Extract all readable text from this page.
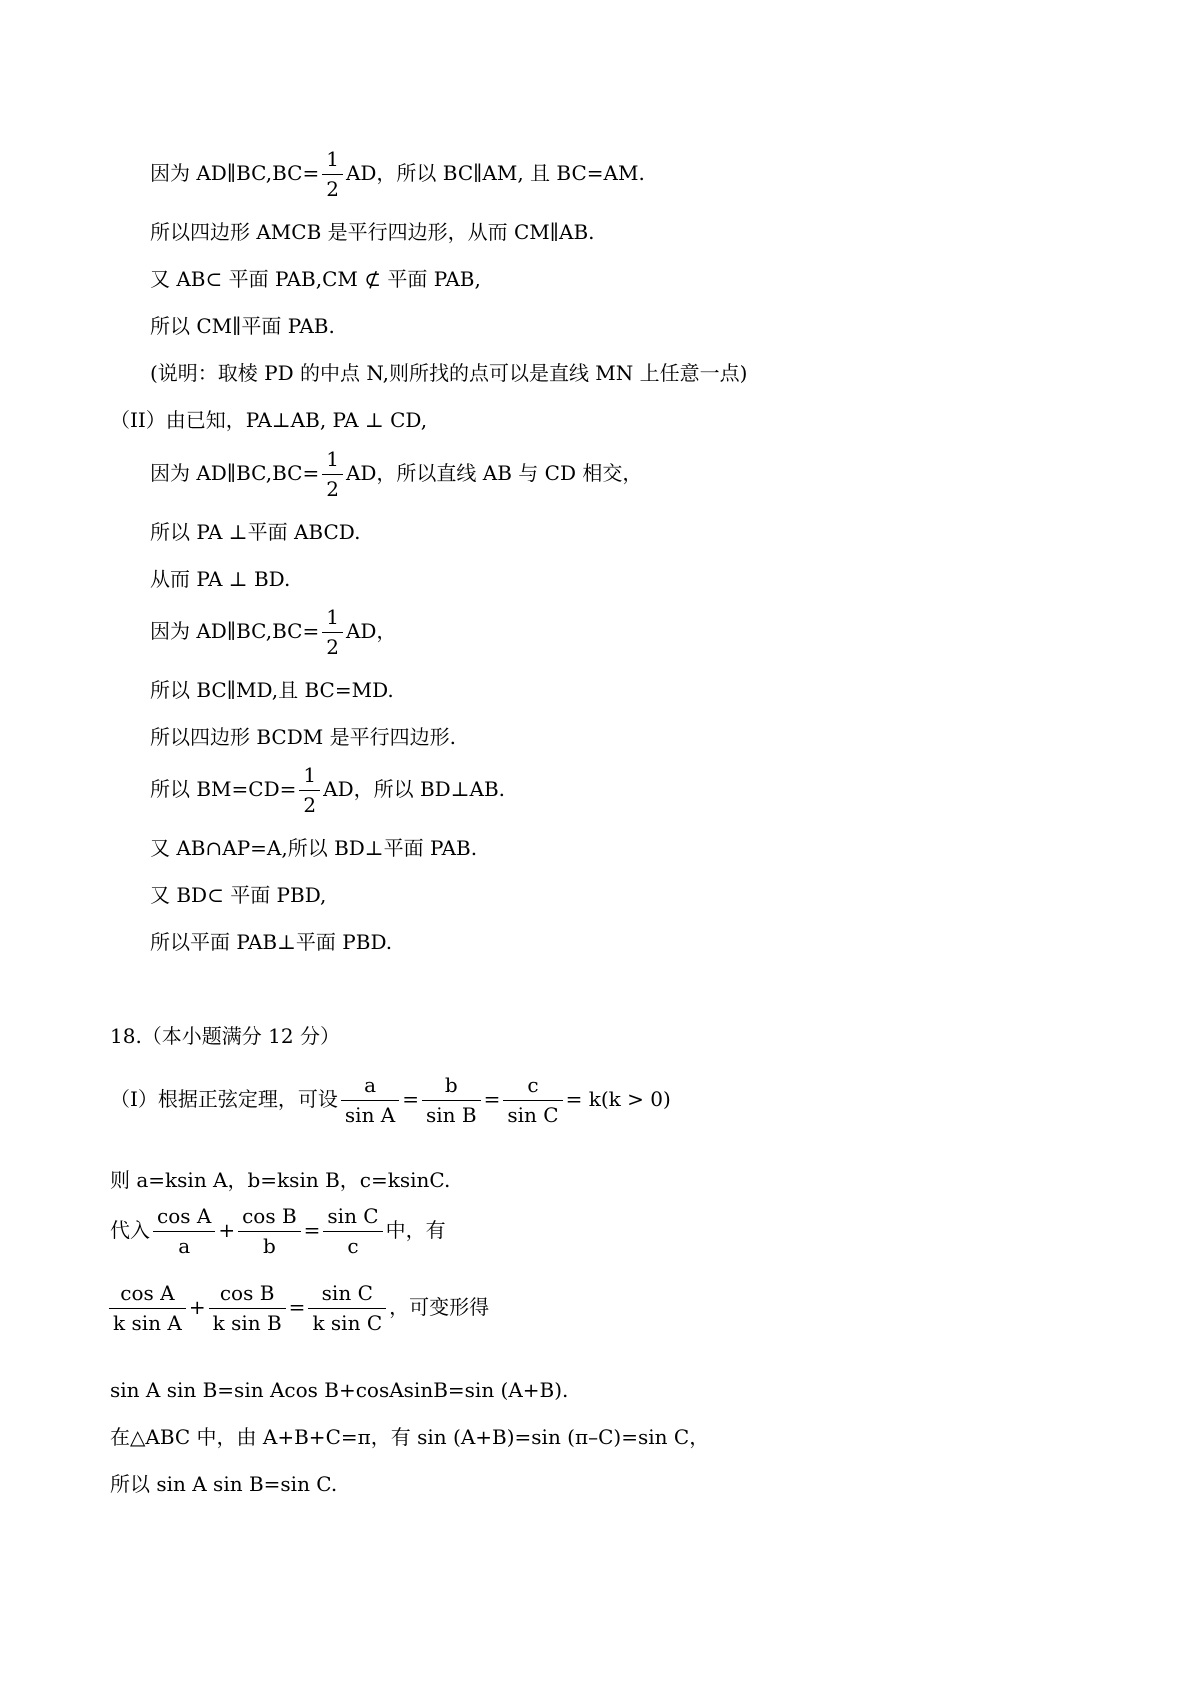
因为 AD∥BC,BC= $\frac{1}{2}$ AD，所以 BC∥AM, 且 BC=AM.
所以四边形 AMCB 是平行四边形，从而 CM∥AB.
又 AB⊂ 平面 PAB,CM ⊄ 平面 PAB,
所以 CM∥平面 PAB.
(说明：取棱 PD 的中点 N,则所找的点可以是直线 MN 上任意一点)
（II）由已知，PA⊥AB, PA ⊥ CD,
因为 AD∥BC,BC= $\frac{1}{2}$ AD，所以直线 AB 与 CD 相交，
所以 PA ⊥平面 ABCD.
从而 PA ⊥ BD.
因为 AD∥BC,BC= $\frac{1}{2}$ AD，
所以 BC∥MD,且 BC=MD.
所以四边形 BCDM 是平行四边形.
所以 $BM=CD= \frac{1}{2}$ AD，所以 BD⊥AB.
又 AB∩AP=A,所以 BD⊥平面 PAB.
又 BD⊂ 平面 PBD,
所以平面 PAB⊥平面 PBD.
18.（本小题满分 12 分）
（Ⅰ）根据正弦定理，可设 $\frac{a}{\text{sin A}} = \frac{b}{\text{sin B}} = \frac{c}{\text{sin C}} = k(k > 0)$
则 a=ksin A，b=ksin B，c=ksinC.
代入 $\frac{\text{cos A}}{a} + \frac{\text{cos B}}{b} = \frac{\text{sin C}}{c}$ 中，有
$\frac{\text{cos A}}{\text{k sin A}} + \frac{\text{cos B}}{\text{k sin B}} = \frac{\text{sin C}}{\text{k sin C}}$ ，可变形得
sin A sin B=sin Acos B+cosAsinB=sin (A+B).
在△ABC 中，由 A+B+C=π，有 sin (A+B)=sin (π–C)=sin C，
所以 sin A sin B=sin C.
